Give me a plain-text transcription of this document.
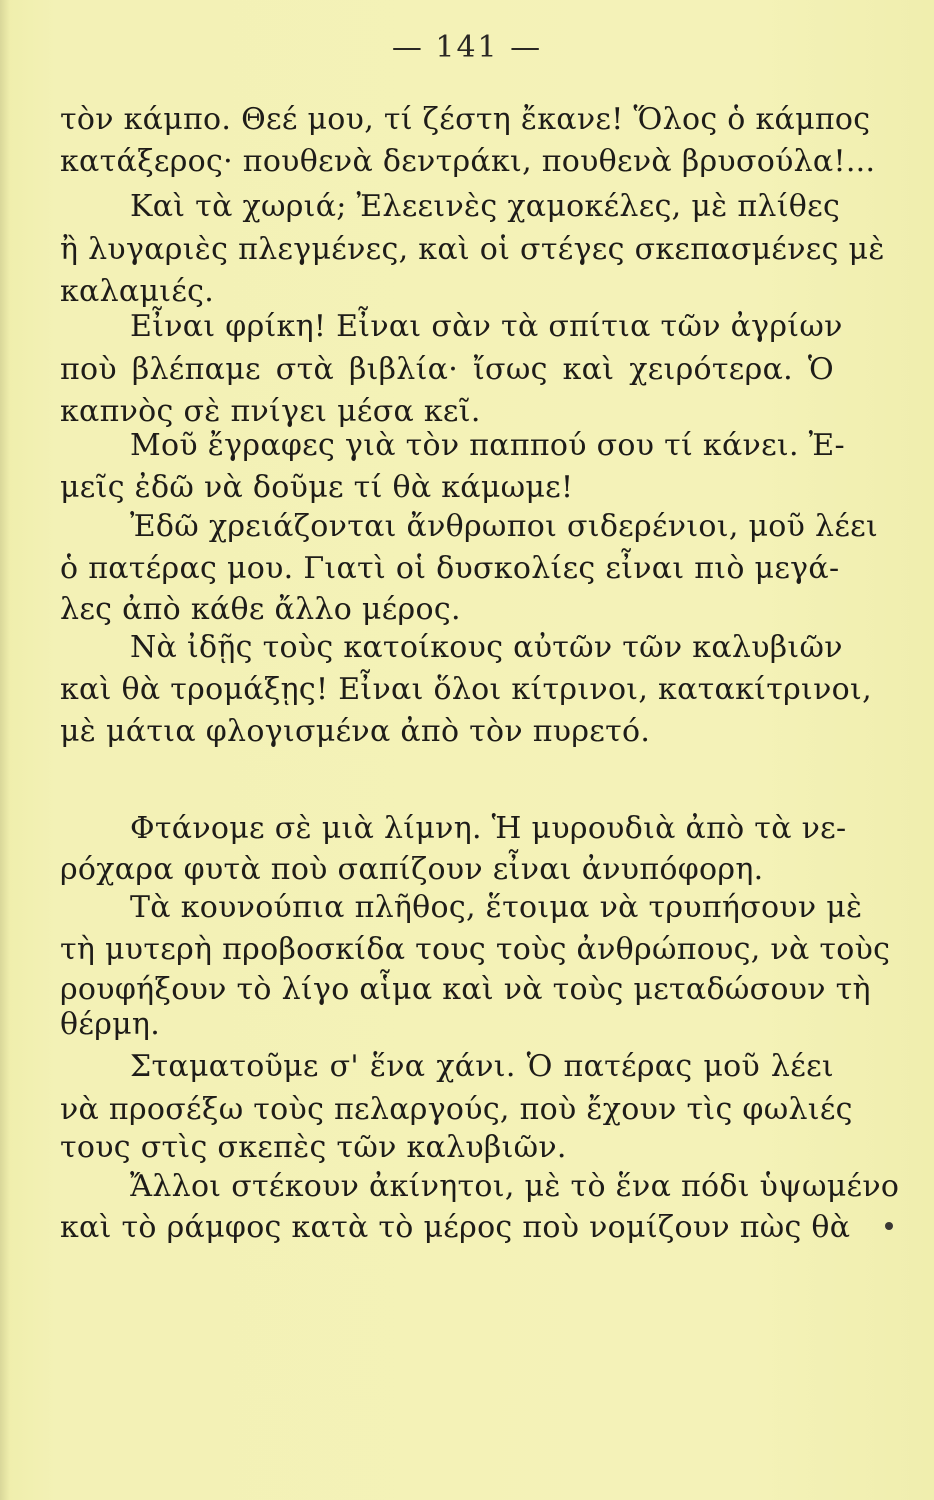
— 141 —
τὸν κάμπο. Θεέ μου, τί ζέστη ἔκανε! Ὅλος ὁ κάμπος
κατάξερος· πουθενὰ δεντράκι, πουθενὰ βρυσούλα!...
Καὶ τὰ χωριά; Ἐλεεινὲς χαμοκέλες, μὲ πλίθες
ἢ λυγαριὲς πλεγμένες, καὶ οἱ στέγες σκεπασμένες μὲ
καλαμιές.
Εἶναι φρίκη! Εἶναι σὰν τὰ σπίτια τῶν ἀγρίων
ποὺ βλέπαμε στὰ βιβλία· ἴσως καὶ χειρότερα. Ὁ
καπνὸς σὲ πνίγει μέσα κεῖ.
Μοῦ ἔγραφες γιὰ τὸν παππού σου τί κάνει. Ἐ-
μεῖς ἐδῶ νὰ δοῦμε τί θὰ κάμωμε!
Ἐδῶ χρειάζονται ἄνθρωποι σιδερένιοι, μοῦ λέει
ὁ πατέρας μου. Γιατὶ οἱ δυσκολίες εἶναι πιὸ μεγά-
λες ἀπὸ κάθε ἄλλο μέρος.
Νὰ ἰδῇς τοὺς κατοίκους αὐτῶν τῶν καλυβιῶν
καὶ θὰ τρομάξῃς! Εἶναι ὅλοι κίτρινοι, κατακίτρινοι,
μὲ μάτια φλογισμένα ἀπὸ τὸν πυρετό.
Φτάνομε σὲ μιὰ λίμνη. Ἡ μυρουδιὰ ἀπὸ τὰ νε-
ρόχαρα φυτὰ ποὺ σαπίζουν εἶναι ἀνυπόφορη.
Τὰ κουνούπια πλῆθος, ἕτοιμα νὰ τρυπήσουν μὲ
τὴ μυτερὴ προβοσκίδα τους τοὺς ἀνθρώπους, νὰ τοὺς
ρουφήξουν τὸ λίγο αἷμα καὶ νὰ τοὺς μεταδώσουν τὴ
θέρμη.
Σταματοῦμε σ' ἕνα χάνι. Ὁ πατέρας μοῦ λέει
νὰ προσέξω τοὺς πελαργούς, ποὺ ἔχουν τὶς φωλιές
τους στὶς σκεπὲς τῶν καλυβιῶν.
Ἄλλοι στέκουν ἀκίνητοι, μὲ τὸ ἕνα πόδι ὑψωμένο
καὶ τὸ ράμφος κατὰ τὸ μέρος ποὺ νομίζουν πὼς θὰ
